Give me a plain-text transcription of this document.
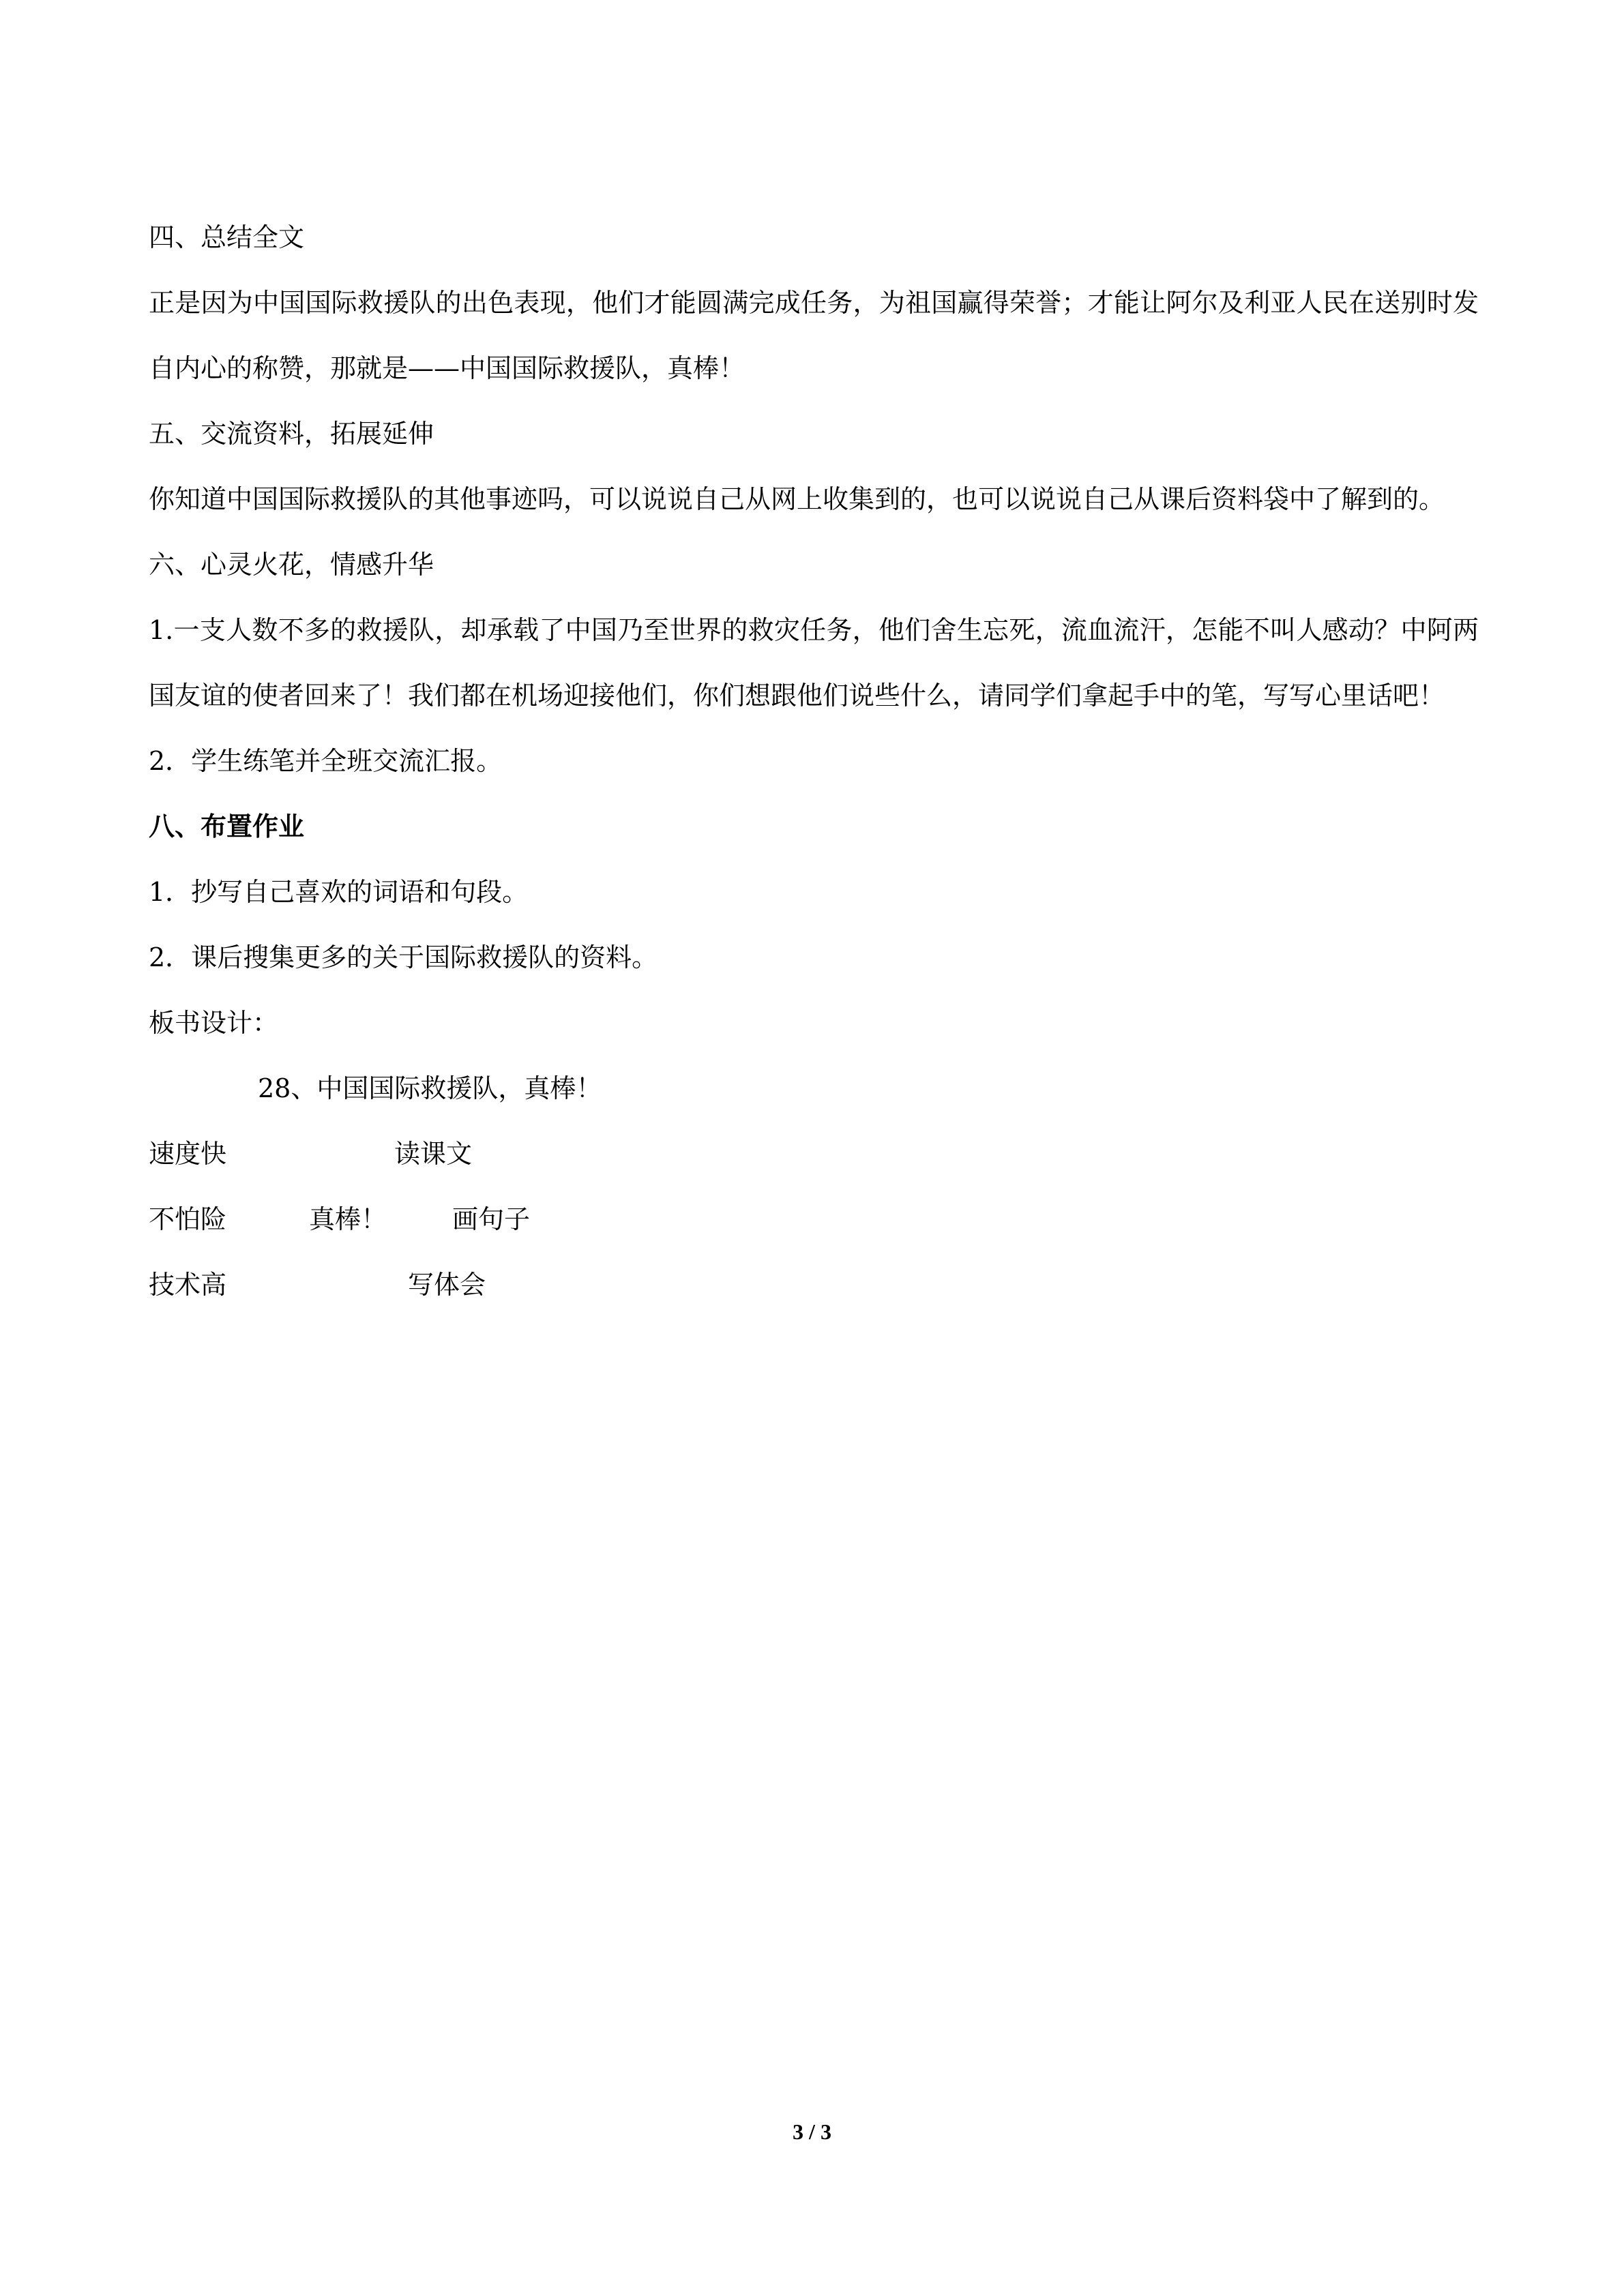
四、总结全文

正是因为中国国际救援队的出色表现，他们才能圆满完成任务，为祖国赢得荣誉；才能让阿尔及利亚人民在送别时发自内心的称赞，那就是——中国国际救援队，真棒！

五、交流资料，拓展延伸

你知道中国国际救援队的其他事迹吗，可以说说自己从网上收集到的，也可以说说自己从课后资料袋中了解到的。

六、心灵火花，情感升华

1.一支人数不多的救援队，却承载了中国乃至世界的救灾任务，他们舍生忘死，流血流汗，怎能不叫人感动？中阿两国友谊的使者回来了！我们都在机场迎接他们，你们想跟他们说些什么，请同学们拿起手中的笔，写写心里话吧！

2．学生练笔并全班交流汇报。

八、布置作业

1．抄写自己喜欢的词语和句段。

2．课后搜集更多的关于国际救援队的资料。

板书设计：

28、中国国际救援队，真棒！

速度快	读课文
不怕险	真棒！	画句子
技术高	写体会
3 / 3
